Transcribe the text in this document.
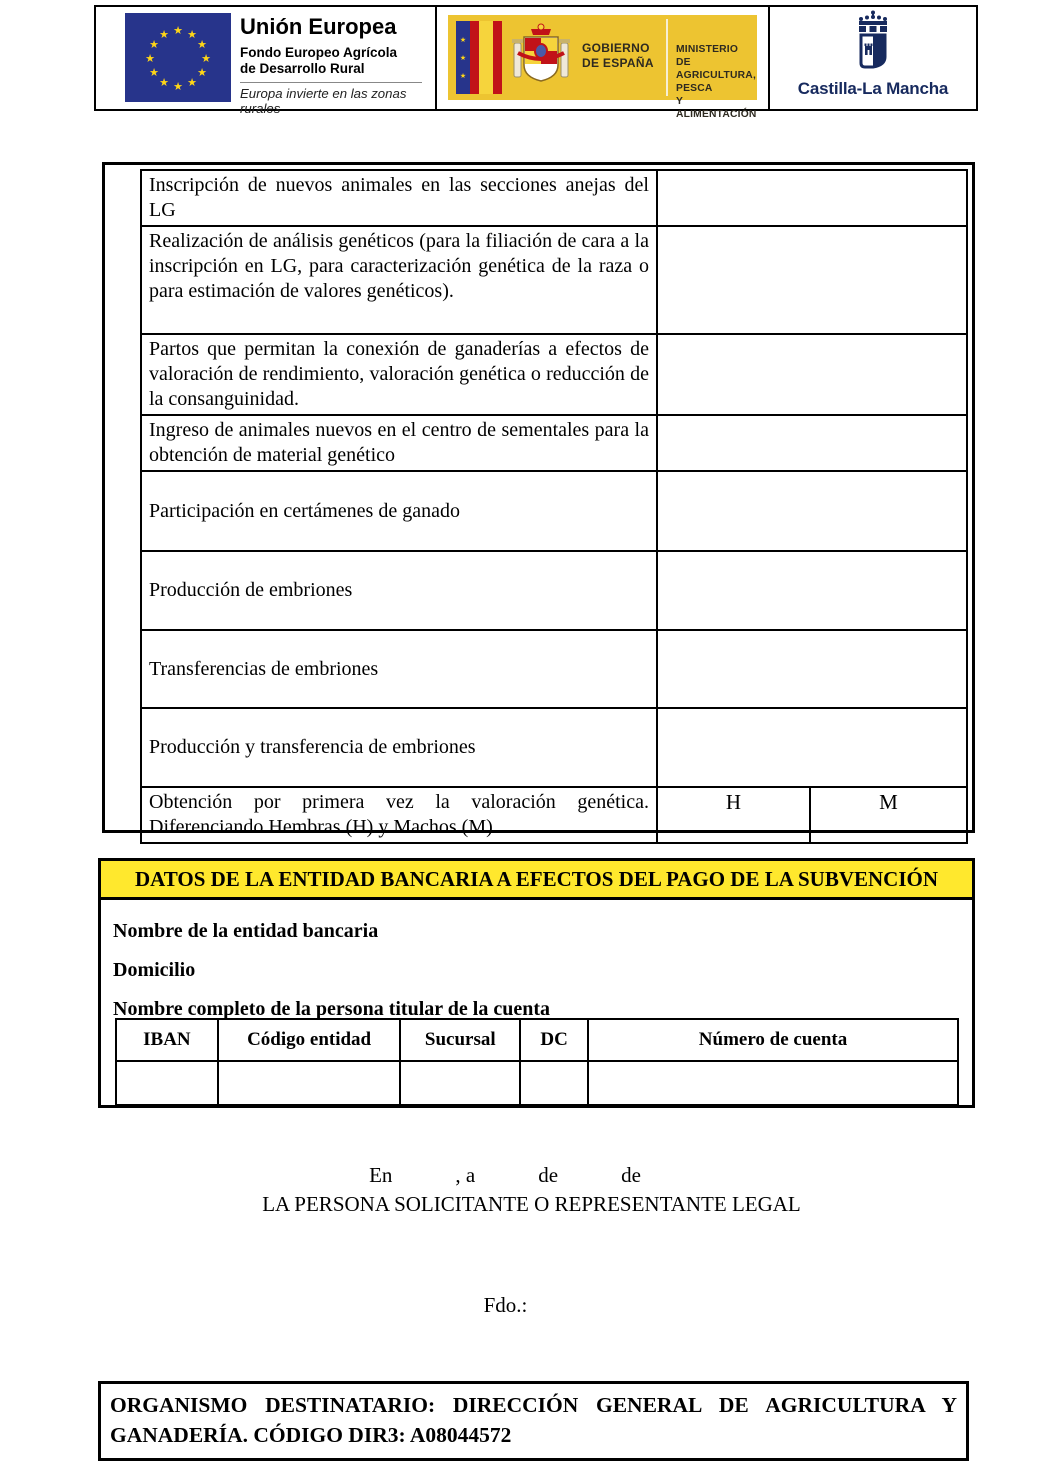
★ ★
★
★
★
★
★
★
★
★
★
★	Unión Europea
Fondo Europeo Agrícola
de Desarrollo Rural
Europa invierte en las zonas rurales
★
★
★
GOBIERNO
DE ESPAÑA
MINISTERIO
DE AGRICULTURA, PESCA
Y ALIMENTACIÓN
Castilla-La Mancha
Inscripción de nuevos animales en las secciones anejas del LG		
Realización de análisis genéticos (para la filiación de cara a la inscripción en LG, para caracterización genética de la raza o para estimación de valores genéticos).		
Partos que permitan la conexión de ganaderías a efectos de valoración de rendimiento, valoración genética o reducción de la consanguinidad.		
Ingreso de animales nuevos en el centro de sementales para la obtención de material genético		
Participación en certámenes de ganado		
Producción de embriones		
Transferencias de embriones		
Producción y transferencia de embriones		
Obtención por primera vez la valoración genética. Diferenciando Hembras (H) y Machos (M)	H	M
DATOS DE LA ENTIDAD BANCARIA A EFECTOS DEL PAGO DE LA SUBVENCIÓN
Nombre de la entidad bancaria
Domicilio
Nombre completo de la persona titular de la cuenta
IBAN	Código entidad	Sucursal	DC	Número de cuenta

En            , a            de            de
LA PERSONA SOLICITANTE O REPRESENTANTE LEGAL
Fdo.:
ORGANISMO DESTINATARIO: DIRECCIÓN GENERAL DE AGRICULTURA Y
GANADERÍA. CÓDIGO DIR3: A08044572
